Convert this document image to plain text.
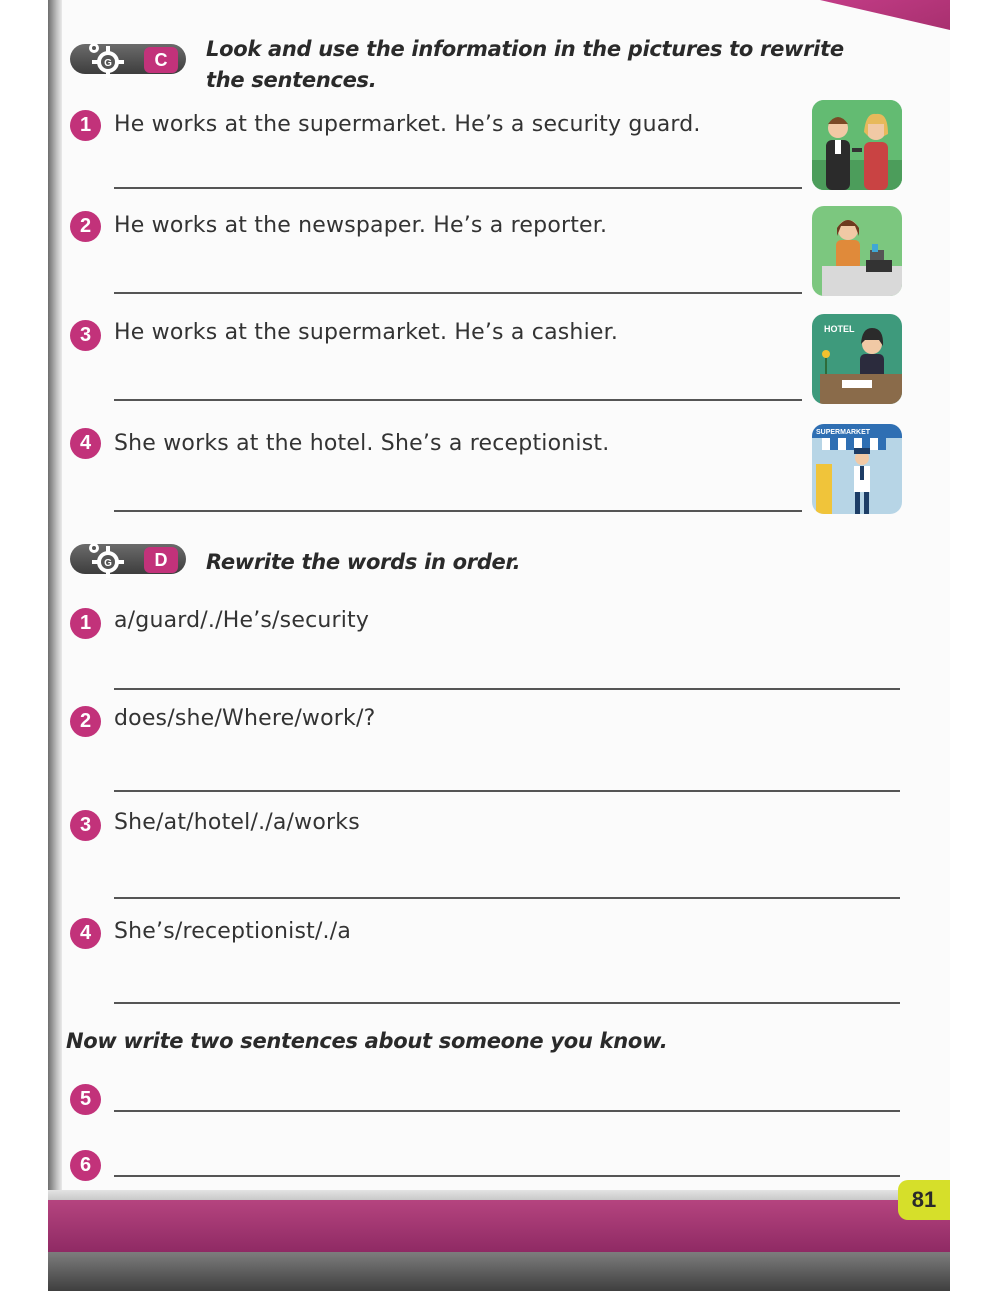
G	C	Look and use the information in the pictures to rewrite
the sentences.
1	He works at the supermarket. He’s a security guard.
2	He works at the newspaper. He’s a reporter.
3	He works at the supermarket. He’s a cashier.	HOTEL
4	She works at the hotel. She’s a receptionist.	SUPERMARKET
G	D	Rewrite the words in order.
1	a/guard/./He’s/security
2	does/she/Where/work/?
3	She/at/hotel/./a/works
4	She’s/receptionist/./a
Now write two sentences about someone you know.
5
6
81
